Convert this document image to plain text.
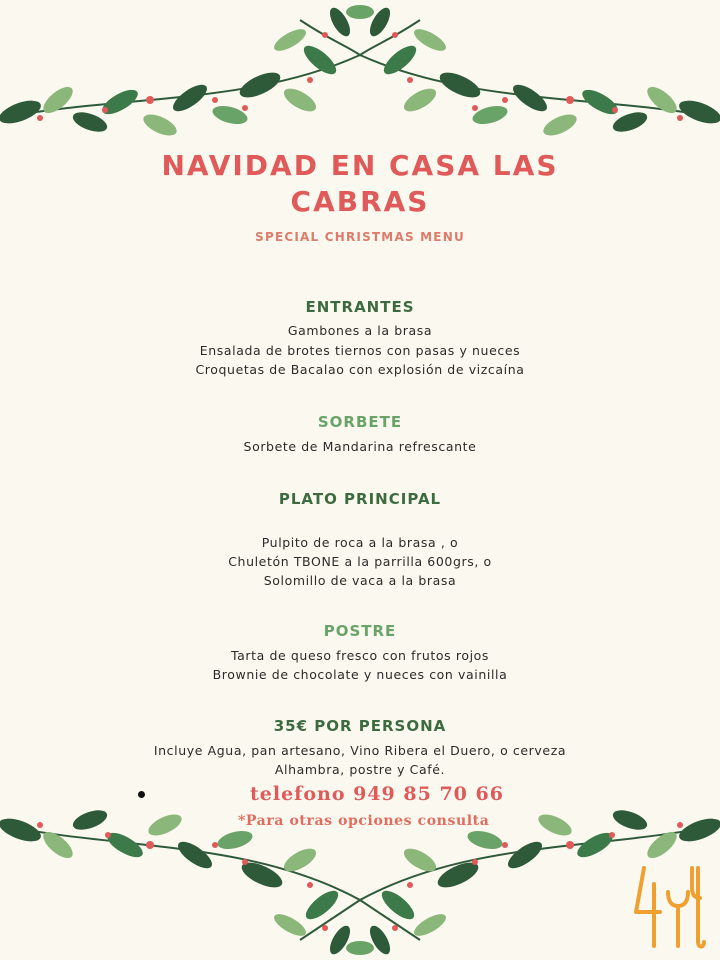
NAVIDAD EN CASA LAS
CABRAS
SPECIAL CHRISTMAS MENU
ENTRANTES
Gambones a la brasa
Ensalada de brotes tiernos con pasas y nueces
Croquetas de Bacalao con explosión de vizcaína
SORBETE
Sorbete de Mandarina refrescante
PLATO PRINCIPAL
Pulpito de roca a la brasa , o
Chuletón TBONE a la parrilla 600grs, o
Solomillo de vaca a la brasa
POSTRE
Tarta de queso fresco con frutos rojos
Brownie de chocolate y nueces con vainilla
35€ POR PERSONA
Incluye Agua, pan artesano, Vino Ribera el Duero, o cerveza
Alhambra, postre y Café.
telefono 949 85 70 66
*Para otras opciones consulta
